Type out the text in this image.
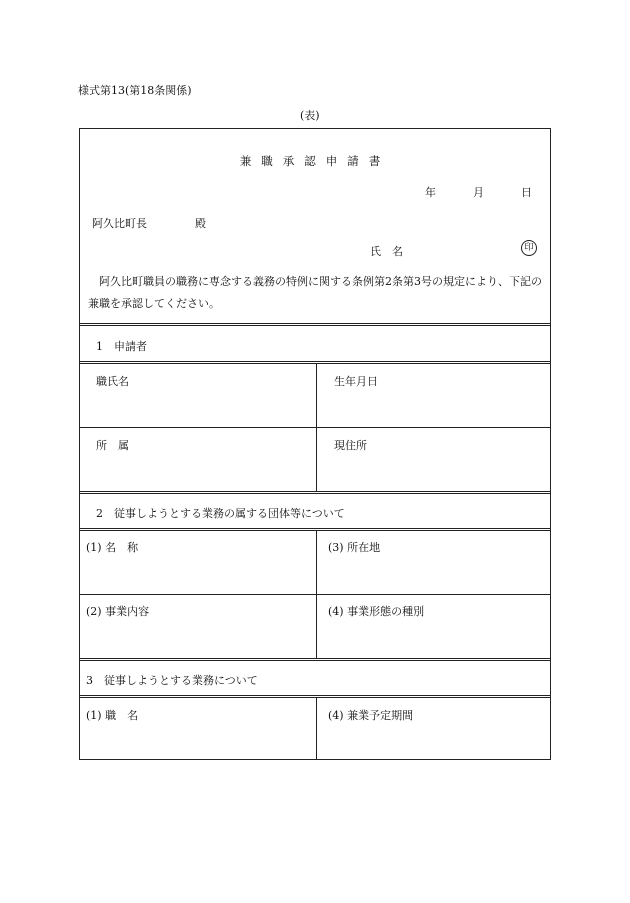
様式第13(第18条関係)
(表)
兼職承認申請書
年	月	日
阿久比町長	殿
氏　名	印
阿久比町職員の職務に専念する義務の特例に関する条例第2条第3号の規定により、下記の兼職を承認してください。
1　申請者
職氏名	生年月日
所　属	現住所
2　従事しようとする業務の属する団体等について
(1) 名　称	(3) 所在地
(2) 事業内容	(4) 事業形態の種別
3　従事しようとする業務について
(1) 職　名	(4) 兼業予定期間
